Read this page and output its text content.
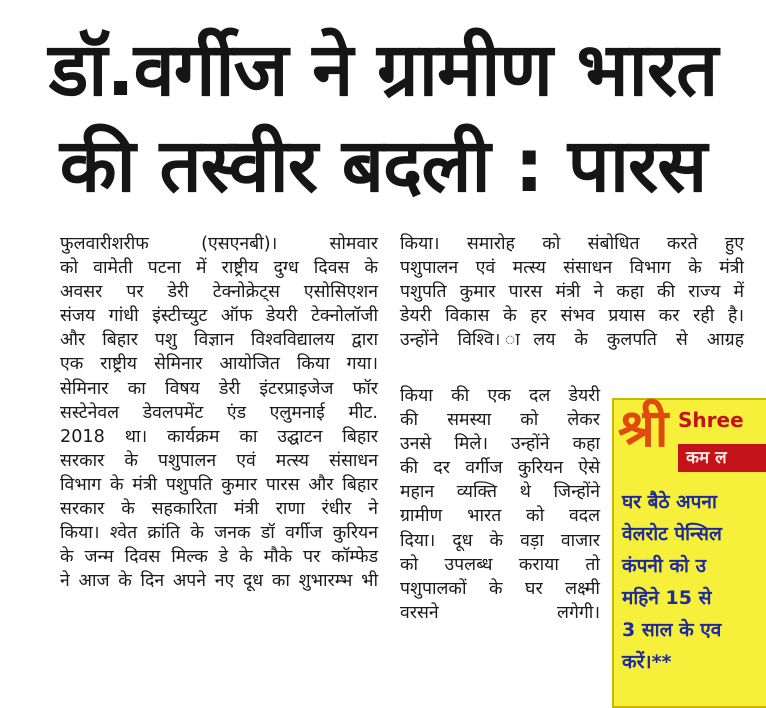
डॉ.वर्गीज ने ग्रामीण भारत
की तस्वीर बदली : पारस
फुलवारीशरीफ (एसएनबी)। सोमवार
को वामेती पटना में राष्ट्रीय दुग्ध दिवस के
अवसर पर डेरी टेक्नोक्रेट्स एसोसिएशन
संजय गांधी इंस्टीच्युट ऑफ डेयरी टेक्नोलॉजी
और बिहार पशु विज्ञान विश्वविद्यालय द्वारा
एक राष्ट्रीय सेमिनार आयोजित किया गया।
सेमिनार का विषय डेरी इंटरप्राइजेज फॉर
सस्टेनेवल डेवलपमेंट एंड एलुमनाई मीट.
2018 था। कार्यक्रम का उद्घाटन बिहार
सरकार के पशुपालन एवं मत्स्य संसाधन
विभाग के मंत्री पशुपति कुमार पारस और बिहार
सरकार के सहकारिता मंत्री राणा रंधीर ने
किया। श्वेत क्रांति के जनक डॉ वर्गीज कुरियन
के जन्म दिवस मिल्क डे के मौके पर कॉम्फेड
ने आज के दिन अपने नए दूध का शुभारम्भ भी
किया। समारोह को संबोधित करते हुए
पशुपालन एवं मत्स्य संसाधन विभाग के मंत्री
पशुपति कुमार पारस मंत्री ने कहा की राज्य में
डेयरी विकास के हर संभव प्रयास कर रही है।
उन्होंने विश्वि। ालय के कुलपति से आग्रह
किया की एक दल डेयरी
की समस्या को लेकर
उनसे मिले। उन्होंने कहा
की दर वर्गीज कुरियन ऐसे
महान व्यक्ति थे जिन्होंने
ग्रामीण भारत को वदल
दिया। दूध के वड़ा वाजार
को उपलब्ध कराया तो
पशुपालकों के घर लक्ष्मी
वरसने लगेगी।
श्री Shree
कम ल
घर बैठे अपना
वेलरोट पेन्सिल
कंपनी को उ
महिने 15 से
3 साल के एव
करें।**
